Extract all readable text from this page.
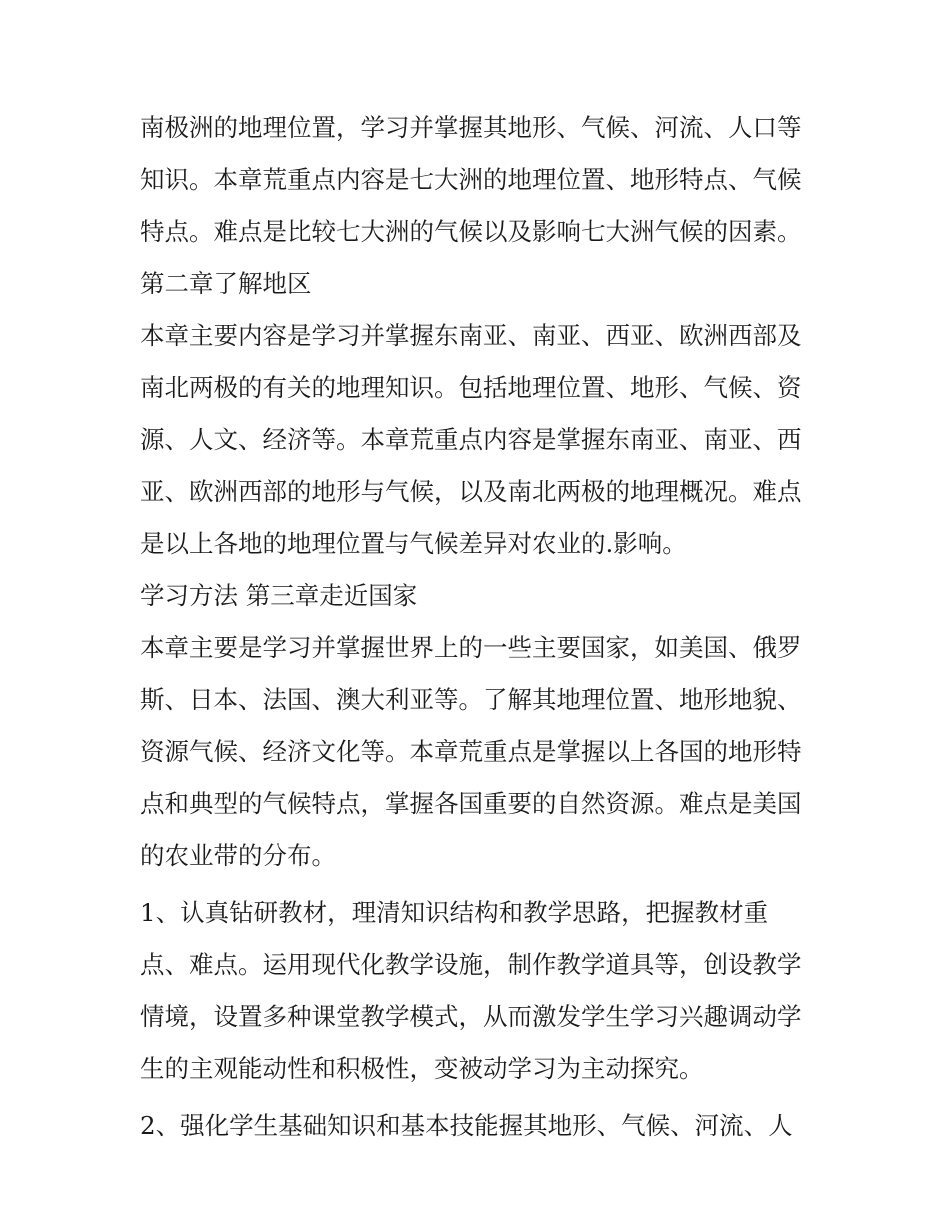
南极洲的地理位置，学习并掌握其地形、气候、河流、人口等
知识。本章荒重点内容是七大洲的地理位置、地形特点、气候
特点。难点是比较七大洲的气候以及影响七大洲气候的因素。
第二章了解地区
本章主要内容是学习并掌握东南亚、南亚、西亚、欧洲西部及
南北两极的有关的地理知识。包括地理位置、地形、气候、资
源、人文、经济等。本章荒重点内容是掌握东南亚、南亚、西
亚、欧洲西部的地形与气候，以及南北两极的地理概况。难点
是以上各地的地理位置与气候差异对农业的.影响。
学习方法 第三章走近国家
本章主要是学习并掌握世界上的一些主要国家，如美国、俄罗
斯、日本、法国、澳大利亚等。了解其地理位置、地形地貌、
资源气候、经济文化等。本章荒重点是掌握以上各国的地形特
点和典型的气候特点，掌握各国重要的自然资源。难点是美国
的农业带的分布。
1、认真钻研教材，理清知识结构和教学思路，把握教材重
点、难点。运用现代化教学设施，制作教学道具等，创设教学
情境，设置多种课堂教学模式，从而激发学生学习兴趣调动学
生的主观能动性和积极性，变被动学习为主动探究。
2、强化学生基础知识和基本技能握其地形、气候、河流、人
